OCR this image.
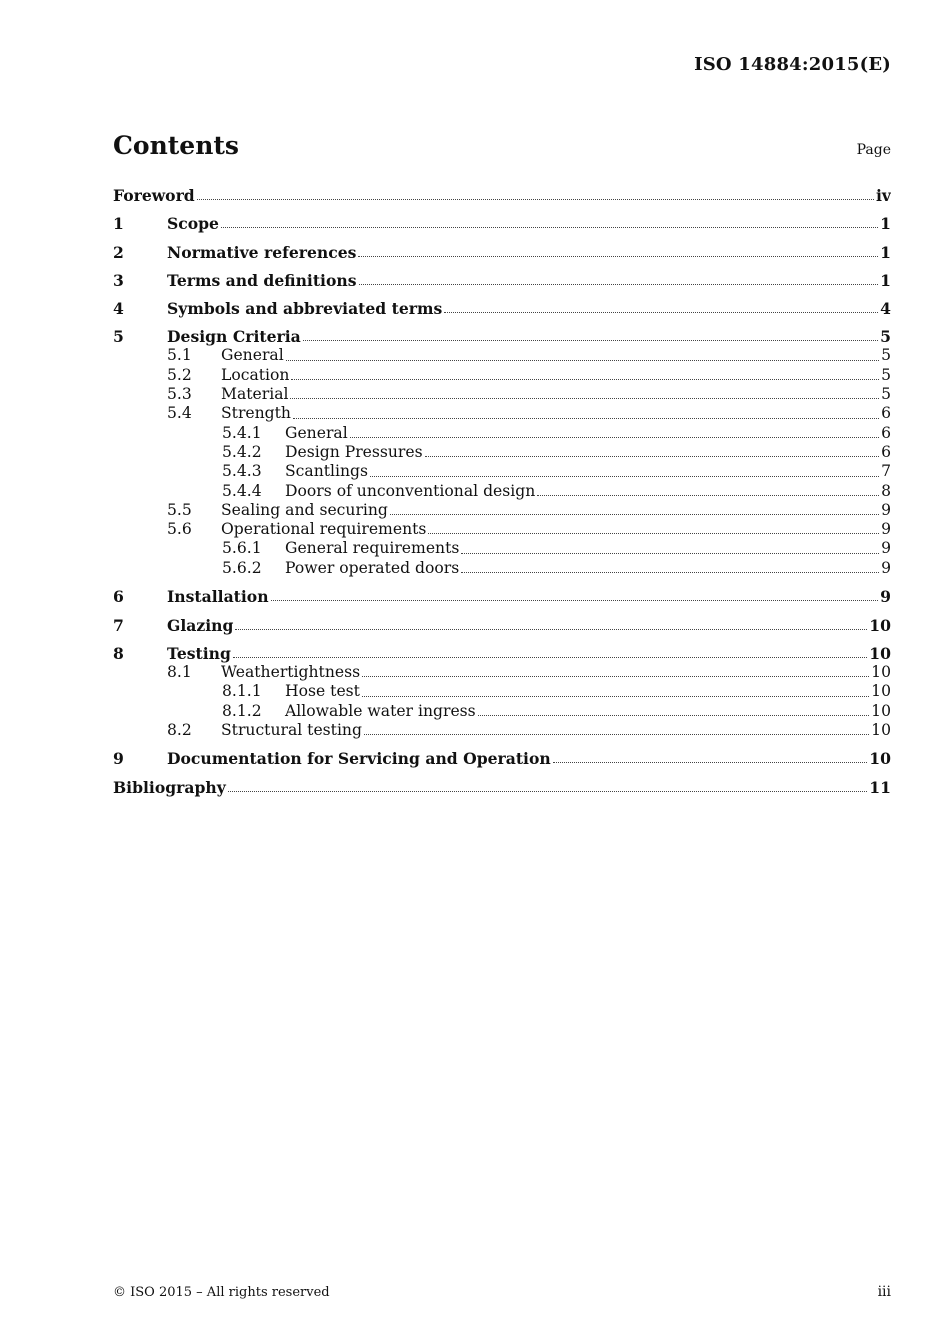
ISO 14884:2015(E)
Contents	Page
Foreword	iv
1	Scope	1
2	Normative references	1
3	Terms and definitions	1
4	Symbols and abbreviated terms	4
5	Design Criteria	5
5.1	General	5
5.2	Location	5
5.3	Material	5
5.4	Strength	6
5.4.1	General	6
5.4.2	Design Pressures	6
5.4.3	Scantlings	7
5.4.4	Doors of unconventional design	8
5.5	Sealing and securing	9
5.6	Operational requirements	9
5.6.1	General requirements	9
5.6.2	Power operated doors	9
6	Installation	9
7	Glazing	10
8	Testing	10
8.1	Weathertightness	10
8.1.1	Hose test	10
8.1.2	Allowable water ingress	10
8.2	Structural testing	10
9	Documentation for Servicing and Operation	10
Bibliography	11
© ISO 2015 – All rights reserved	iii
